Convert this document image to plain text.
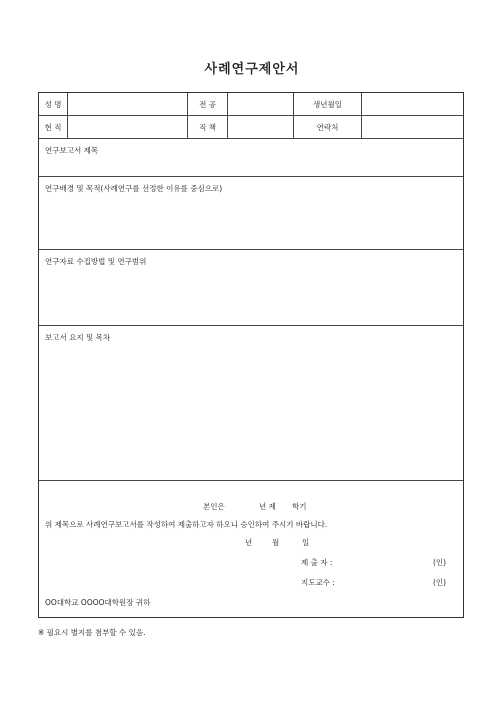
사례연구제안서
성 명	전 공	생년월일
현 직	직 책	연락처
연구보고서 제목
연구배경 및 목적(사례연구를 선정한 이유를 중심으로)
연구자료 수집방법 및 연구범위
보고서 요지 및 목차
본인은	년 제 학기
위 제목으로 사례연구보고서를 작성하여 제출하고자 하오니 승인하여 주시기 바랍니다.
년	월	일
제 출 자 :	(인)
지도교수 :	(인)
OO대학교 OOOO대학원장 귀하
※ 필요시 별지를 첨부할 수 있음.
